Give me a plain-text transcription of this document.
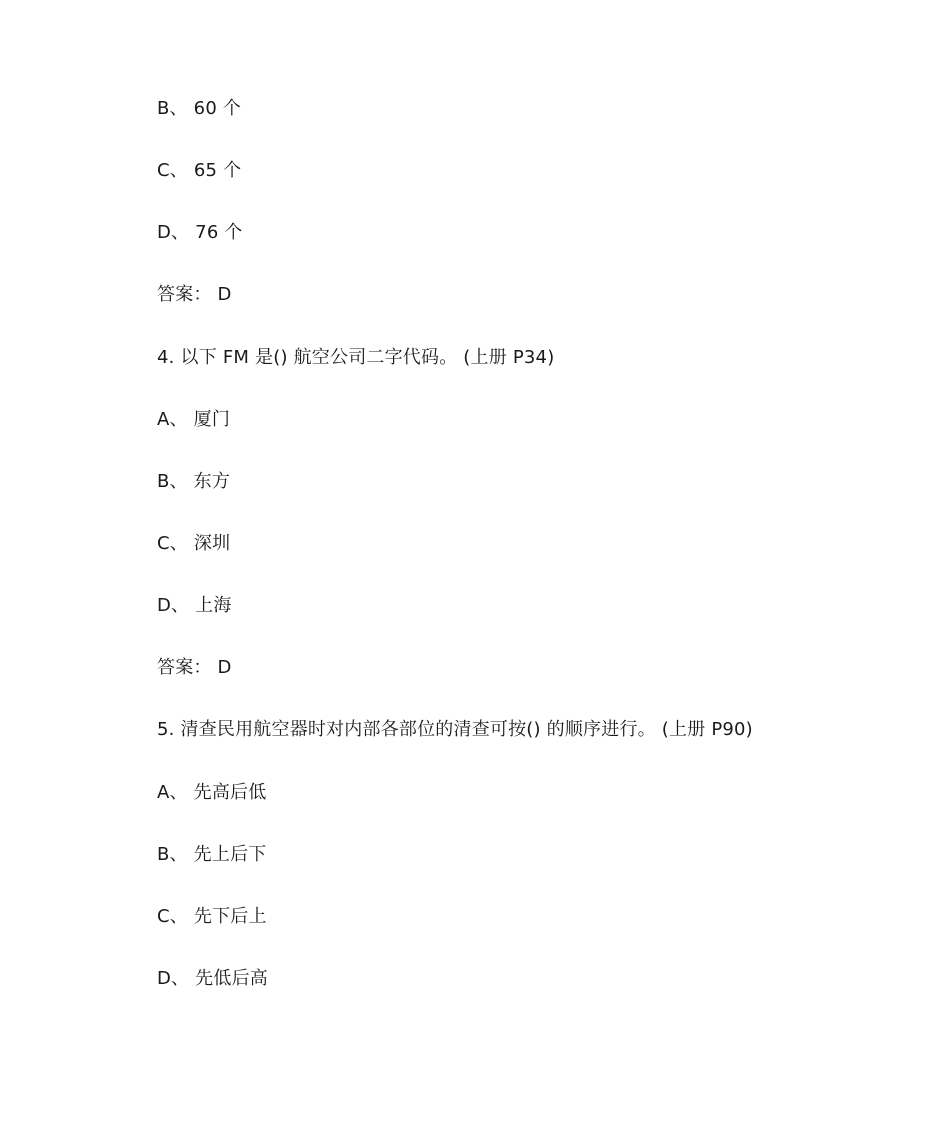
B、 60 个
C、 65 个
D、 76 个
答案： D
4. 以下 FM 是() 航空公司二字代码。 (上册 P34)
A、 厦门
B、 东方
C、 深圳
D、 上海
答案： D
5. 清查民用航空器时对内部各部位的清查可按() 的顺序进行。 (上册 P90)
A、 先高后低
B、 先上后下
C、 先下后上
D、 先低后高
